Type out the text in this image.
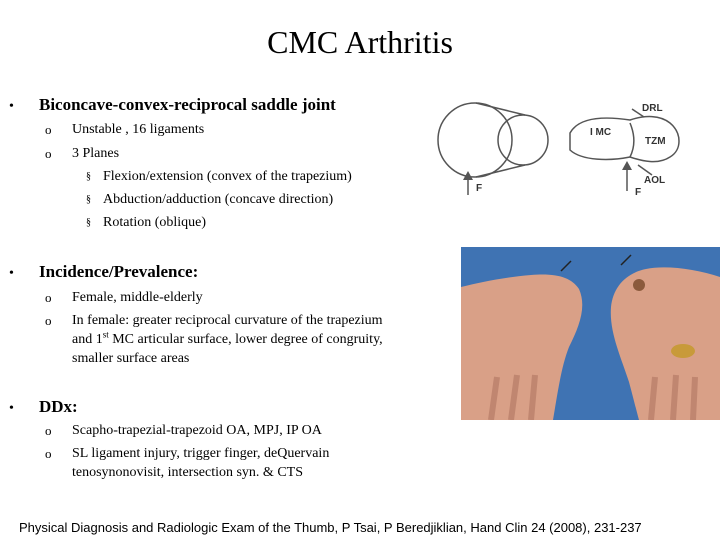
CMC Arthritis
• Biconcave-convex-reciprocal saddle joint
o Unstable , 16 ligaments
o 3 Planes
§ Flexion/extension (convex of the trapezium)
§ Abduction/adduction (concave direction)
§ Rotation (oblique)
• Incidence/Prevalence:
o Female, middle-elderly
o In female: greater reciprocal curvature of the trapezium
and 1st MC articular surface, lower degree of congruity,
smaller surface areas
• DDx:
o Scapho-trapezial-trapezoid OA, MPJ, IP OA
o SL ligament injury, trigger finger, deQuervain
tenosynonovisit, intersection syn. & CTS
DRL
I MC
TZM
AOL
F	F
Physical Diagnosis and Radiologic Exam of the Thumb, P Tsai, P Beredjiklian, Hand Clin 24 (2008), 231-237
